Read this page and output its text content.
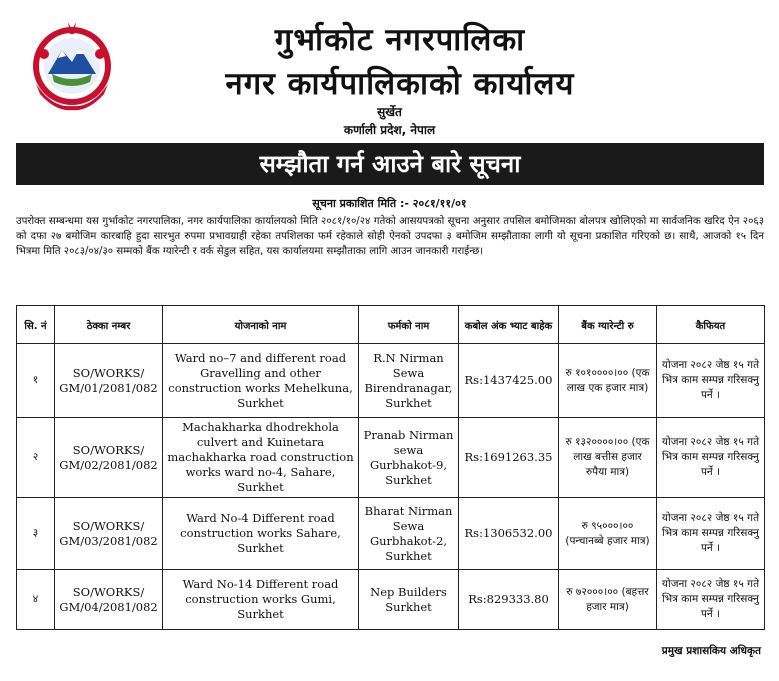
गुर्भाकोट नगरपालिका
नगर कार्यपालिकाको कार्यालय
सुर्खेत
कर्णाली प्रदेश, नेपाल
सम्झौता गर्न आउने बारे सूचना
सूचना प्रकाशित मिति :- २०८१/११/०१

उपरोक्त सम्बन्धमा यस गुर्भाकोट नगरपालिका, नगर कार्यपालिका कार्यालयको मिति २०८१/१०/२४ गतेको आसयपत्रको सूचना अनुसार तपसिल बमोजिमका बोलपत्र खोलिएको मा सार्वजनिक खरिद ऐन २०६३ को दफा २७ बमोजिम कारबाहि हुदा सारभुत रुपमा प्रभावग्राही रहेका तपशिलका फर्म रहेकाले सोही ऐनको उपदफा ३ बमोजिम सम्झौताका लागी यो सूचना प्रकाशित गरिएको छ। साथै, आजको १५ दिन भित्रमा मिति २०८३/०४/३० सम्मको बैंक ग्यारेन्टी र वर्क सेडुल सहित, यस कार्यालयमा सम्झौताका लागि आउन जानकारी गराईन्छ।

सि. नं	ठेक्का नम्बर	योजनाको नाम	फर्मको नाम	कबोल अंक भ्याट बाहेक	बैंक ग्यारेन्टी रु	कैफियत
१	SO/WORKS/ GM/01/2081/082	Ward no–7 and different road Gravelling and other construction works Mehelkuna, Surkhet	R.N Nirman Sewa Birendranagar, Surkhet	Rs:1437425.00	रु १०१००००।०० (एक लाख एक हजार मात्र)	योजना २०८२ जेष्ठ १५ गते भित्र काम सम्पन्न गरिसक्नु पर्ने ।
२	SO/WORKS/ GM/02/2081/082	Machakharka dhodrekhola culvert and Kuinetara machakharka road construction works ward no-4, Sahare, Surkhet	Pranab Nirman sewa Gurbhakot-9, Surkhet	Rs:1691263.35	रु १३२००००।०० (एक लाख बत्तीस हजार रुपैया मात्र)	योजना २०८२ जेष्ठ १५ गते भित्र काम सम्पन्न गरिसक्नु पर्ने ।
३	SO/WORKS/ GM/03/2081/082	Ward No-4 Different road construction works Sahare, Surkhet	Bharat Nirman Sewa Gurbhakot-2, Surkhet	Rs:1306532.00	रु ९५०००।०० (पन्चानब्बे हजार मात्र)	योजना २०८२ जेष्ठ १५ गते भित्र काम सम्पन्न गरिसक्नु पर्ने ।
४	SO/WORKS/ GM/04/2081/082	Ward No-14 Different road construction works Gumi, Surkhet	Nep Builders Surkhet	Rs:829333.80	रु ७२०००।०० (बहत्तर हजार मात्र)	योजना २०८२ जेष्ठ १५ गते भित्र काम सम्पन्न गरिसक्नु पर्ने ।
प्रमुख प्रशासकिय अधिकृत
